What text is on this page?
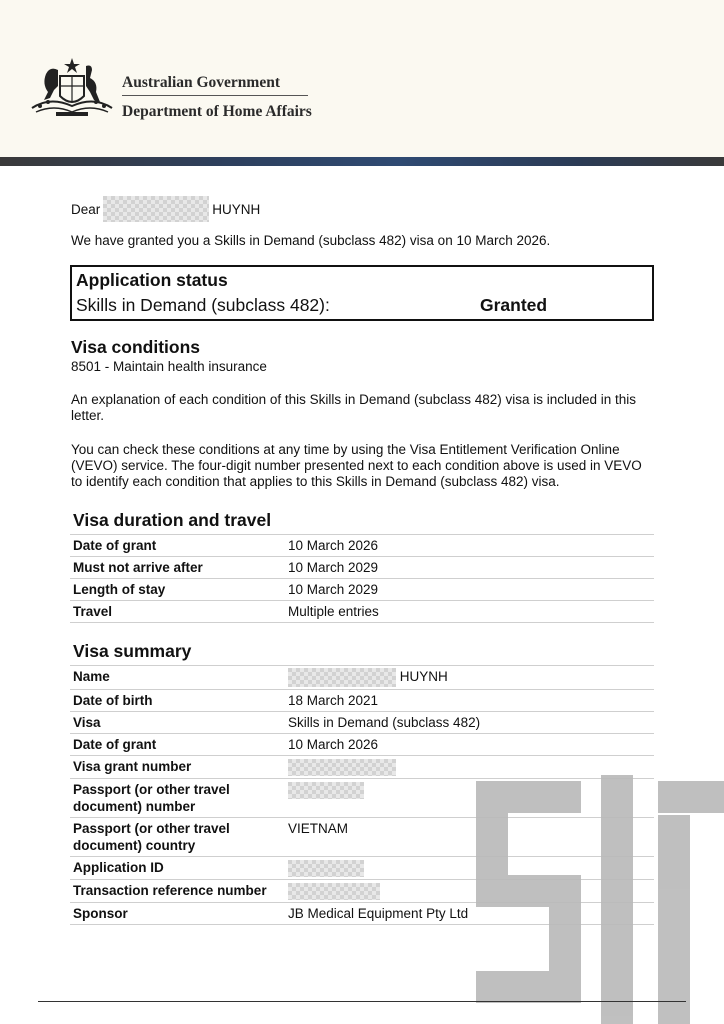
Australian Government
Department of Home Affairs
Dear	HUYNH

We have granted you a Skills in Demand (subclass 482) visa on 10 March 2026.

Application status
Skills in Demand (subclass 482):	Granted
Visa conditions

8501 - Maintain health insurance

An explanation of each condition of this Skills in Demand (subclass 482) visa is included in this letter.

You can check these conditions at any time by using the Visa Entitlement Verification Online (VEVO) service. The four-digit number presented next to each condition above is used in VEVO to identify each condition that applies to this Skills in Demand (subclass 482) visa.

Visa duration and travel
Date of grant	10 March 2026
Must not arrive after	10 March 2029
Length of stay	10 March 2029
Travel	Multiple entries
Visa summary
Name	HUYNH
Date of birth	18 March 2021
Visa	Skills in Demand (subclass 482)
Date of grant	10 March 2026
Visa grant number	
Passport (or other travel document) number	
Passport (or other travel document) country	VIETNAM
Application ID	
Transaction reference number	
Sponsor	JB Medical Equipment Pty Ltd
